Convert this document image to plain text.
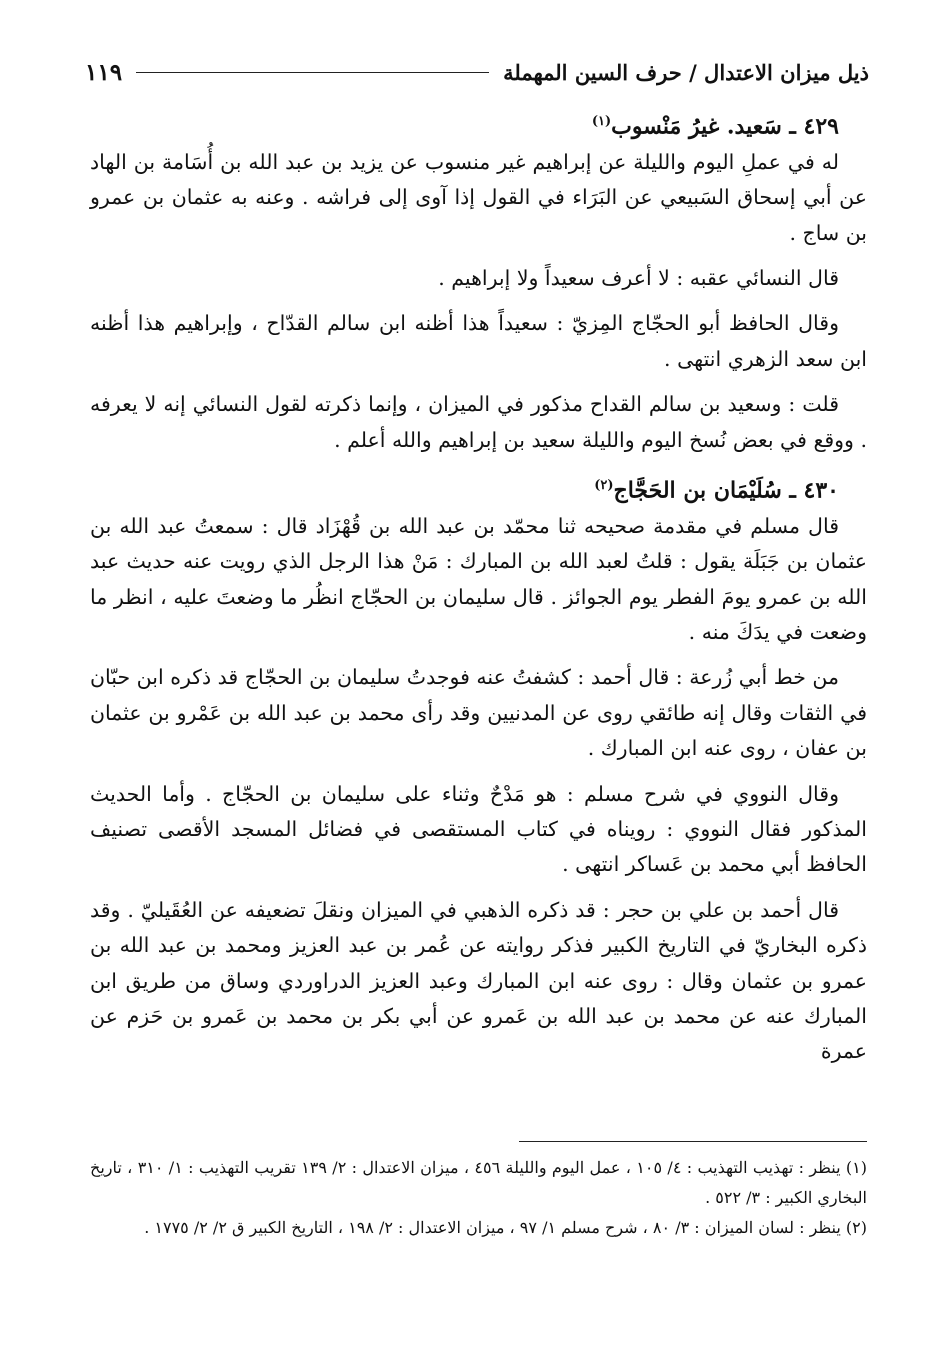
ذيل ميزان الاعتدال / حرف السين المهملة
١١٩

٤٢٩ ـ سَعيد. غيرُ مَنْسوب$^{(١)}$

له في عملِ اليوم والليلة عن إبراهيم غير منسوب عن يزيد بن عبد الله بن أُسَامة بن الهاد عن أبي إسحاق السَبيعي عن البَرَاء في القول إذا آوى إلى فراشه . وعنه به عثمان بن عمرو بن ساج .

قال النسائي عقبه : لا أعرف سعيداً ولا إبراهيم .

وقال الحافظ أبو الحجّاج المِزيّ : سعيداً هذا أظنه ابن سالم القدّاح ، وإبراهيم هذا أظنه ابن سعد الزهري انتهى .

قلت : وسعيد بن سالم القداح مذكور في الميزان ، وإنما ذكرته لقول النسائي إنه لا يعرفه . ووقع في بعض نُسخ اليوم والليلة سعيد بن إبراهيم والله أعلم .

٤٣٠ ـ سُلَيْمَان بن الحَجَّاج$^{(٢)}$

قال مسلم في مقدمة صحيحه ثنا محمّد بن عبد الله بن قُهْزَاد قال : سمعتُ عبد الله بن عثمان بن جَبَلَة يقول : قلتُ لعبد الله بن المبارك : مَنْ هذا الرجل الذي رويت عنه حديث عبد الله بن عمرو يومَ الفطر يوم الجوائز . قال سليمان بن الحجّاج انظُر ما وضعتَ عليه ، انظر ما وضعت في يدَكَ منه .

من خط أبي زُرعة : قال أحمد : كشفتُ عنه فوجدتُ سليمان بن الحجّاج قد ذكره ابن حبّان في الثقات وقال إنه طائقي روى عن المدنيين وقد رأى محمد بن عبد الله بن عَمْرو بن عثمان بن عفان ، روى عنه ابن المبارك .

وقال النووي في شرح مسلم : هو مَدْحٌ وثناء على سليمان بن الحجّاج . وأما الحديث المذكور فقال النووي : رويناه في كتاب المستقصى في فضائل المسجد الأقصى تصنيف الحافظ أبي محمد بن عَساكر انتهى .

قال أحمد بن علي بن حجر : قد ذكره الذهبي في الميزان ونقلَ تضعيفه عن العُقَيليّ . وقد ذكره البخاريّ في التاريخ الكبير فذكر روايته عن عُمر بن عبد العزيز ومحمد بن عبد الله بن عمرو بن عثمان وقال : روى عنه ابن المبارك وعبد العزيز الدراوردي وساق من طريق ابن المبارك عنه عن محمد بن عبد الله بن عَمرو عن أبي بكر بن محمد بن عَمرو بن حَزم عن عمرة

(١) ينظر : تهذيب التهذيب : ٤/ ١٠٥ ، عمل اليوم والليلة ٤٥٦ ، ميزان الاعتدال : ٢/ ١٣٩ تقريب التهذيب : ١/ ٣١٠ ، تاريخ البخاري الكبير : ٣/ ٥٢٢ .

(٢) ينظر : لسان الميزان : ٣/ ٨٠ ، شرح مسلم ١/ ٩٧ ، ميزان الاعتدال : ٢/ ١٩٨ ، التاريخ الكبير ق ٢/ ٢/ ١٧٧٥ .
